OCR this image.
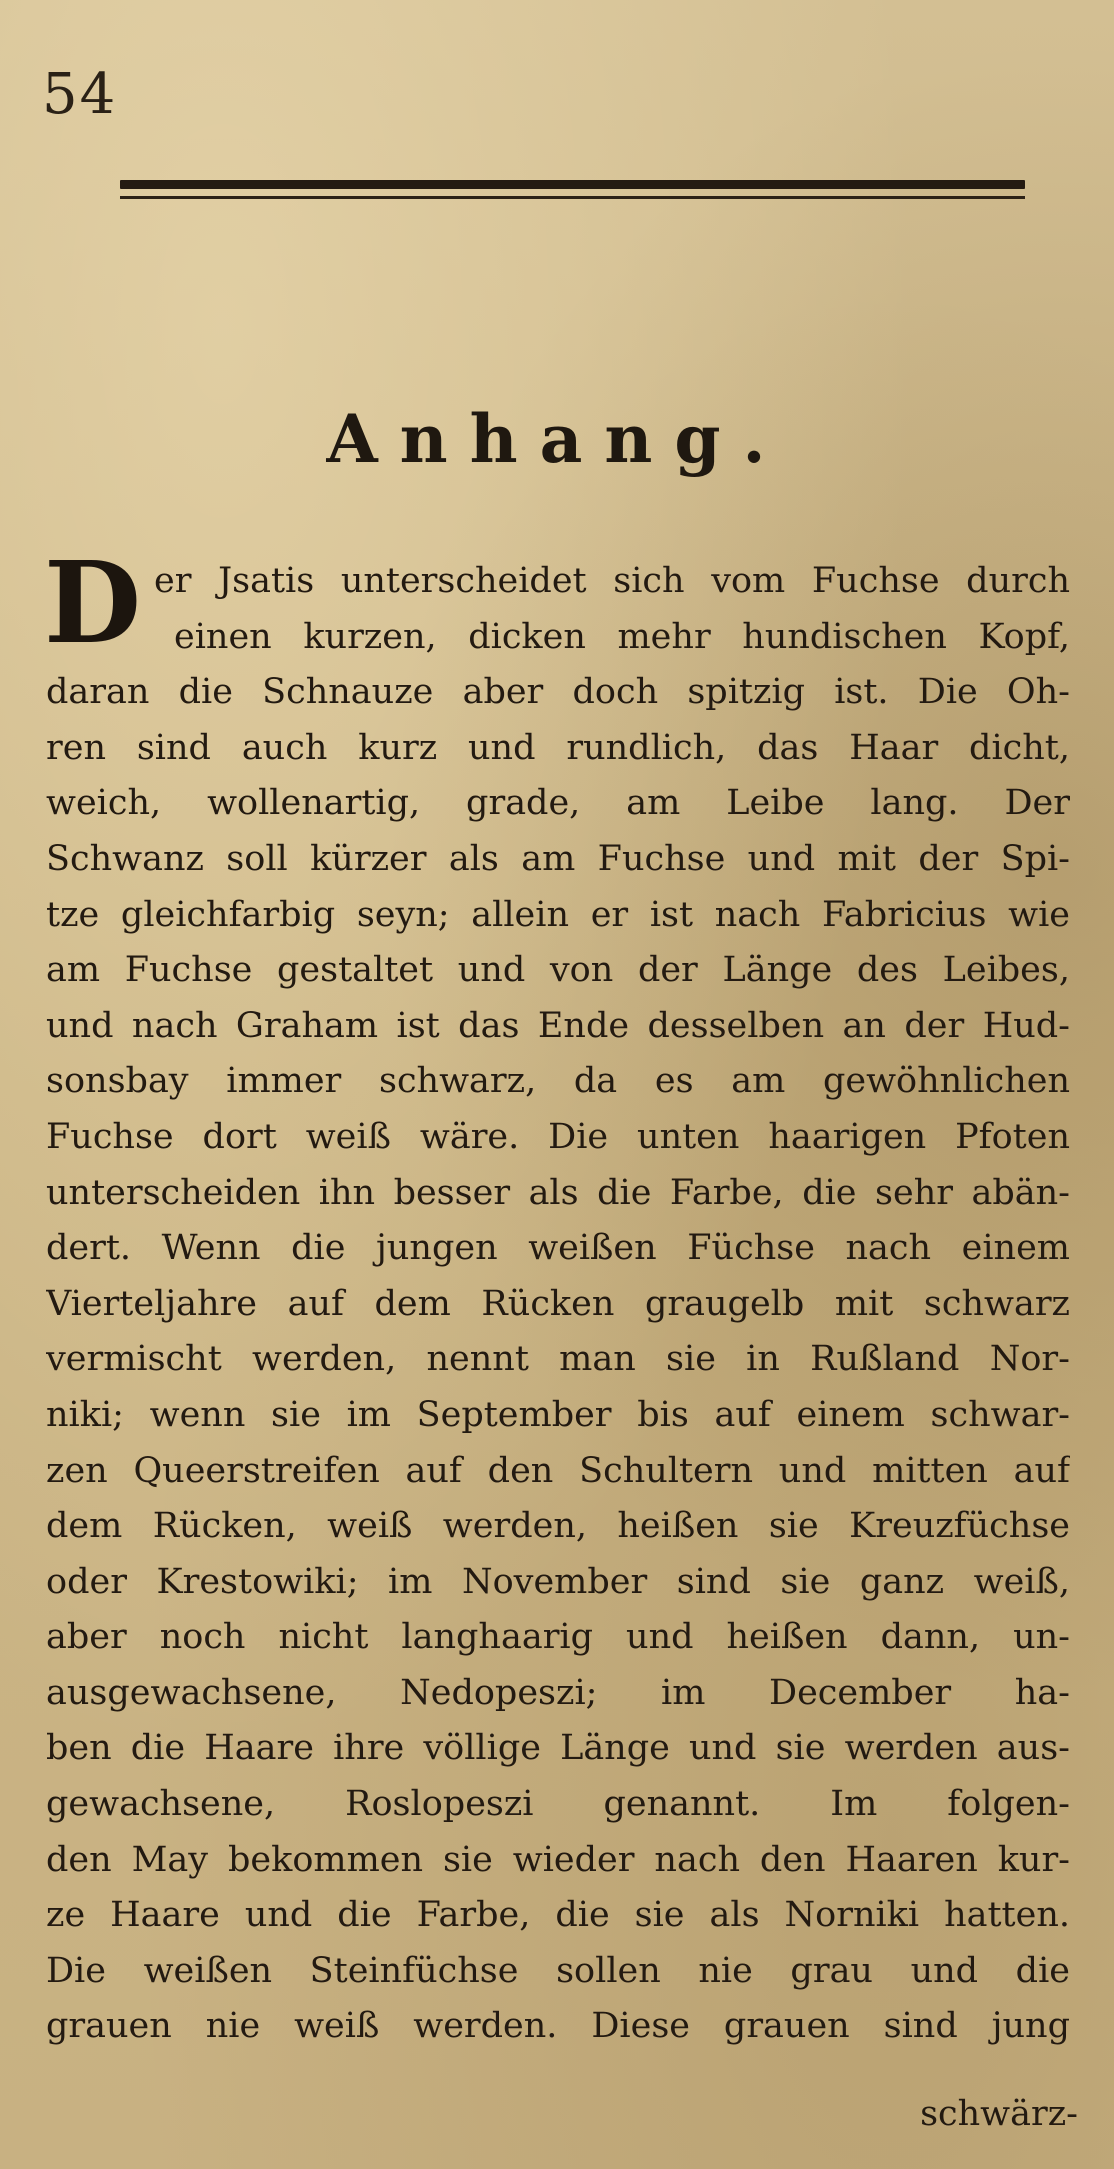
54
Anhang.
D er Jsatis unterscheidet sich vom Fuchse durch
einen kurzen, dicken mehr hundischen Kopf,
daran die Schnauze aber doch spitzig ist. Die Oh-
ren sind auch kurz und rundlich, das Haar dicht,
weich, wollenartig, grade, am Leibe lang. Der
Schwanz soll kürzer als am Fuchse und mit der Spi-
tze gleichfarbig seyn; allein er ist nach Fabricius wie
am Fuchse gestaltet und von der Länge des Leibes,
und nach Graham ist das Ende desselben an der Hud-
sonsbay immer schwarz, da es am gewöhnlichen
Fuchse dort weiß wäre. Die unten haarigen Pfoten
unterscheiden ihn besser als die Farbe, die sehr abän-
dert. Wenn die jungen weißen Füchse nach einem
Vierteljahre auf dem Rücken graugelb mit schwarz
vermischt werden, nennt man sie in Rußland Nor-
niki; wenn sie im September bis auf einem schwar-
zen Queerstreifen auf den Schultern und mitten auf
dem Rücken, weiß werden, heißen sie Kreuzfüchse
oder Krestowiki; im November sind sie ganz weiß,
aber noch nicht langhaarig und heißen dann, un-
ausgewachsene, Nedopeszi; im December ha-
ben die Haare ihre völlige Länge und sie werden aus-
gewachsene, Roslopeszi genannt. Im folgen-
den May bekommen sie wieder nach den Haaren kur-
ze Haare und die Farbe, die sie als Norniki hatten.
Die weißen Steinfüchse sollen nie grau und die
grauen nie weiß werden. Diese grauen sind jung
schwärz-
